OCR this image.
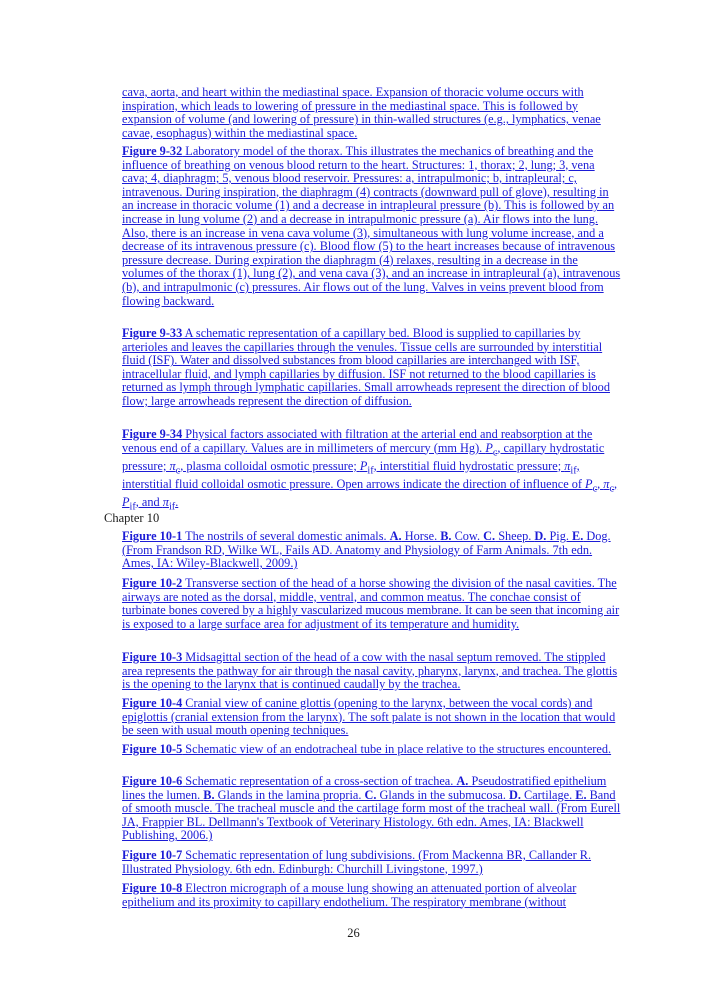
cava, aorta, and heart within the mediastinal space. Expansion of thoracic volume occurs with inspiration, which leads to lowering of pressure in the mediastinal space. This is followed by expansion of volume (and lowering of pressure) in thin-walled structures (e.g., lymphatics, venae cavae, esophagus) within the mediastinal space.

Figure 9-32 Laboratory model of the thorax. This illustrates the mechanics of breathing and the influence of breathing on venous blood return to the heart. Structures: 1, thorax; 2, lung; 3, vena cava; 4, diaphragm; 5, venous blood reservoir. Pressures: a, intrapulmonic; b, intrapleural; c, intravenous. During inspiration, the diaphragm (4) contracts (downward pull of glove), resulting in an increase in thoracic volume (1) and a decrease in intrapleural pressure (b). This is followed by an increase in lung volume (2) and a decrease in intrapulmonic pressure (a). Air flows into the lung. Also, there is an increase in vena cava volume (3), simultaneous with lung volume increase, and a decrease of its intravenous pressure (c). Blood flow (5) to the heart increases because of intravenous pressure decrease. During expiration the diaphragm (4) relaxes, resulting in a decrease in the volumes of the thorax (1), lung (2), and vena cava (3), and an increase in intrapleural (a), intravenous (b), and intrapulmonic (c) pressures. Air flows out of the lung. Valves in veins prevent blood from flowing backward.

Figure 9-33 A schematic representation of a capillary bed. Blood is supplied to capillaries by arterioles and leaves the capillaries through the venules. Tissue cells are surrounded by interstitial fluid (ISF). Water and dissolved substances from blood capillaries are interchanged with ISF, intracellular fluid, and lymph capillaries by diffusion. ISF not returned to the blood capillaries is returned as lymph through lymphatic capillaries. Small arrowheads represent the direction of blood flow; large arrowheads represent the direction of diffusion.

Figure 9-34 Physical factors associated with filtration at the arterial end and reabsorption at the venous end of a capillary. Values are in millimeters of mercury (mm Hg). $P_c$, capillary hydrostatic pressure; $\pi_c$, plasma colloidal osmotic pressure; $P_{if}$, interstitial fluid hydrostatic pressure; $\pi_{if}$, interstitial fluid colloidal osmotic pressure. Open arrows indicate the direction of influence of $P_c$, $\pi_c$, $P_{if}$, and $\pi_{if}$.

Chapter 10

Figure 10-1 The nostrils of several domestic animals. A. Horse. B. Cow. C. Sheep. D. Pig. E. Dog. (From Frandson RD, Wilke WL, Fails AD. Anatomy and Physiology of Farm Animals. 7th edn. Ames, IA: Wiley-Blackwell, 2009.)

Figure 10-2 Transverse section of the head of a horse showing the division of the nasal cavities. The airways are noted as the dorsal, middle, ventral, and common meatus. The conchae consist of turbinate bones covered by a highly vascularized mucous membrane. It can be seen that incoming air is exposed to a large surface area for adjustment of its temperature and humidity.

Figure 10-3 Midsagittal section of the head of a cow with the nasal septum removed. The stippled area represents the pathway for air through the nasal cavity, pharynx, larynx, and trachea. The glottis is the opening to the larynx that is continued caudally by the trachea.

Figure 10-4 Cranial view of canine glottis (opening to the larynx, between the vocal cords) and epiglottis (cranial extension from the larynx). The soft palate is not shown in the location that would be seen with usual mouth opening techniques.

Figure 10-5 Schematic view of an endotracheal tube in place relative to the structures encountered.

Figure 10-6 Schematic representation of a cross-section of trachea. A. Pseudostratified epithelium lines the lumen. B. Glands in the lamina propria. C. Glands in the submucosa. D. Cartilage. E. Band of smooth muscle. The tracheal muscle and the cartilage form most of the tracheal wall. (From Eurell JA, Frappier BL. Dellmann's Textbook of Veterinary Histology. 6th edn. Ames, IA: Blackwell Publishing, 2006.)

Figure 10-7 Schematic representation of lung subdivisions. (From Mackenna BR, Callander R. Illustrated Physiology. 6th edn. Edinburgh: Churchill Livingstone, 1997.)

Figure 10-8 Electron micrograph of a mouse lung showing an attenuated portion of alveolar epithelium and its proximity to capillary endothelium. The respiratory membrane (without

26
